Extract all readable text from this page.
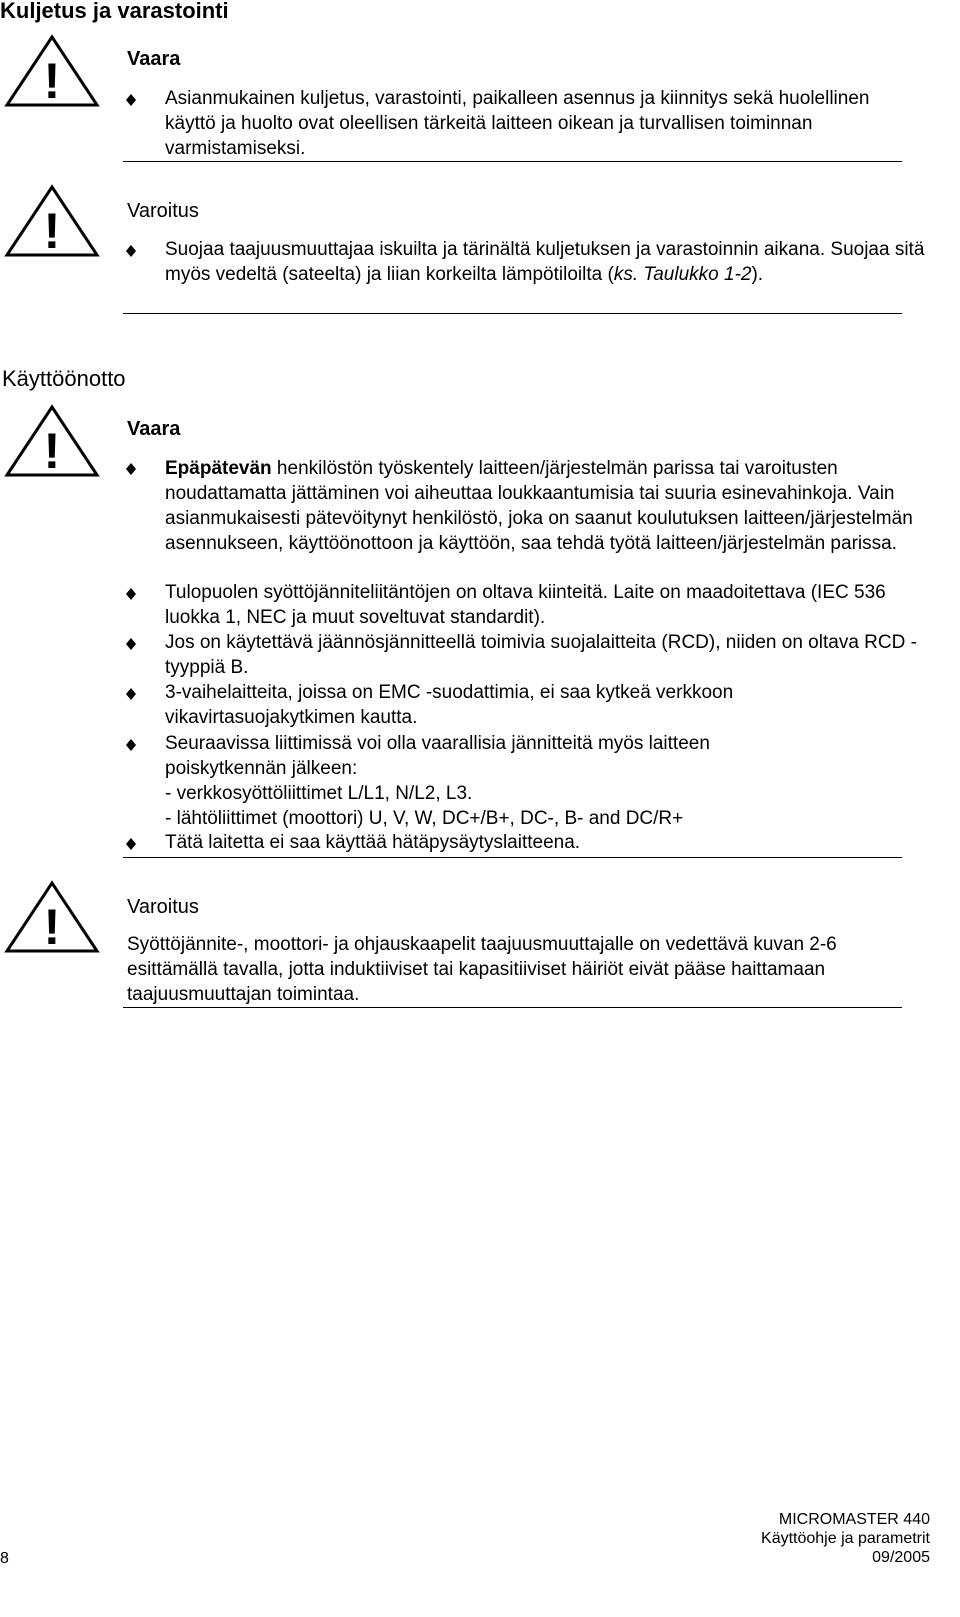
Kuljetus ja varastointi
!	Vaara
Asianmukainen kuljetus, varastointi, paikalleen asennus ja kiinnitys sekä huolellinen käyttö ja huolto ovat oleellisen tärkeitä laitteen oikean ja turvallisen toiminnan varmistamiseksi.
!	Varoitus
Suojaa taajuusmuuttajaa iskuilta ja tärinältä kuljetuksen ja varastoinnin aikana. Suojaa sitä myös vedeltä (sateelta) ja liian korkeilta lämpötiloilta (ks. Taulukko 1-2).
Käyttöönotto
!	Vaara
Epäpätevän henkilöstön työskentely laitteen/järjestelmän parissa tai varoitusten noudattamatta jättäminen voi aiheuttaa loukkaantumisia tai suuria esinevahinkoja. Vain asianmukaisesti pätevöitynyt henkilöstö, joka on saanut koulutuksen laitteen/järjestelmän asennukseen, käyttöönottoon ja käyttöön, saa tehdä työtä laitteen/järjestelmän parissa.
Tulopuolen syöttöjänniteliitäntöjen on oltava kiinteitä. Laite on maadoitettava (IEC 536 luokka 1, NEC ja muut soveltuvat standardit).
Jos on käytettävä jäännösjännitteellä toimivia suojalaitteita (RCD), niiden on oltava RCD -tyyppiä B.
3-vaihelaitteita, joissa on EMC -suodattimia, ei saa kytkeä verkkoon vikavirtasuojakytkimen kautta.
Seuraavissa liittimissä voi olla vaarallisia jännitteitä myös laitteen poiskytkennän jälkeen:
- verkkosyöttöliittimet L/L1, N/L2, L3.
- lähtöliittimet (moottori) U, V, W, DC+/B+, DC-, B- and DC/R+
Tätä laitetta ei saa käyttää hätäpysäytyslaitteena.
!	Varoitus
Syöttöjännite-, moottori- ja ohjauskaapelit taajuusmuuttajalle on vedettävä kuvan 2-6 esittämällä tavalla, jotta induktiiviset tai kapasitiiviset häiriöt eivät pääse haittamaan taajuusmuuttajan toimintaa.
8
MICROMASTER 440
Käyttöohje ja parametrit
09/2005
